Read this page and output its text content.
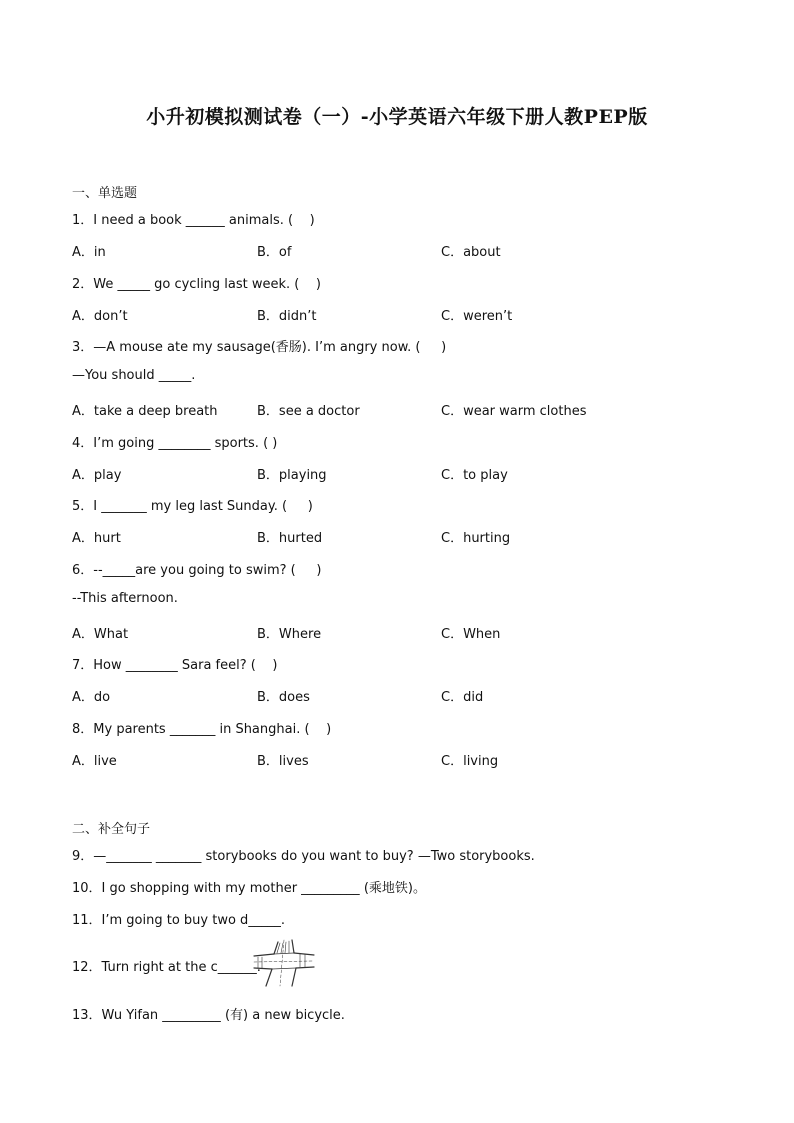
小升初模拟测试卷（一）-小学英语六年级下册人教PEP版
一、单选题
1．I need a book ______ animals. (    )
A．in	B．of	C．about
2．We _____ go cycling last week. (    )
A．don’t	B．didn’t	C．weren’t
3．—A mouse ate my sausage(香肠). I’m angry now. (     )
—You should _____.
A．take a deep breath	B．see a doctor	C．wear warm clothes
4．I’m going ________ sports. ( )
A．play	B．playing	C．to play
5．I _______ my leg last Sunday. (     )
A．hurt	B．hurted	C．hurting
6．--_____are you going to swim? (     )
--This afternoon.
A．What	B．Where	C．When
7．How ________ Sara feel? (    )
A．do	B．does	C．did
8．My parents _______ in Shanghai. (    )
A．live	B．lives	C．living
二、补全句子
9．—_______ _______ storybooks do you want to buy? —Two storybooks.
10．I go shopping with my mother _________ (乘地铁)。
11．I’m going to buy two d_____.
12．Turn right at the c______.
13．Wu Yifan _________ (有) a new bicycle.
